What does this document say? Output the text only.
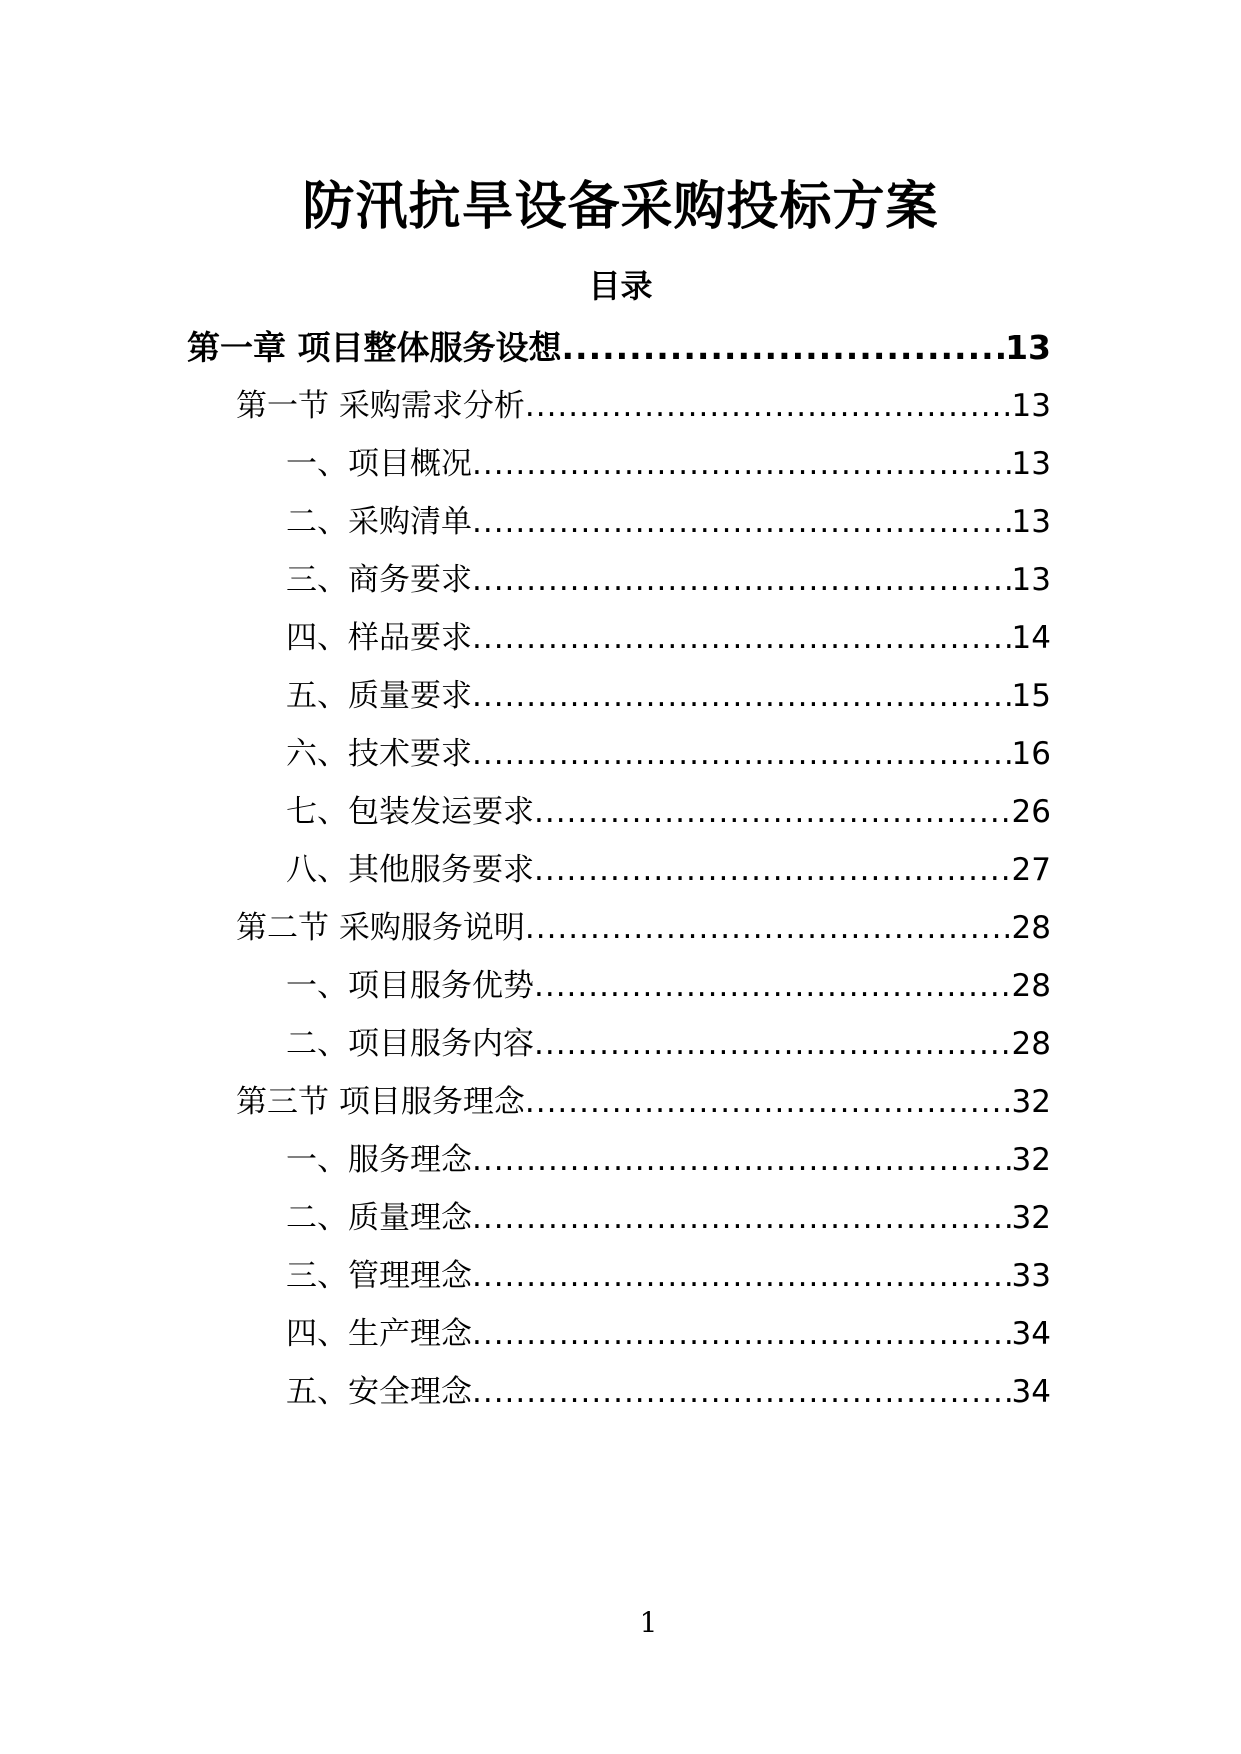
防汛抗旱设备采购投标方案
目录
第一章 项目整体服务设想 .....	13
第一节 采购需求分析 .....	13
一、项目概况 .....	13
二、采购清单 .....	13
三、商务要求 .....	13
四、样品要求 .....	14
五、质量要求 .....	15
六、技术要求 .....	16
七、包装发运要求 .....	26
八、其他服务要求 .....	27
第二节 采购服务说明 .....	28
一、项目服务优势 .....	28
二、项目服务内容 .....	28
第三节 项目服务理念 .....	32
一、服务理念 .....	32
二、质量理念 .....	32
三、管理理念 .....	33
四、生产理念 .....	34
五、安全理念 .....	34
1
